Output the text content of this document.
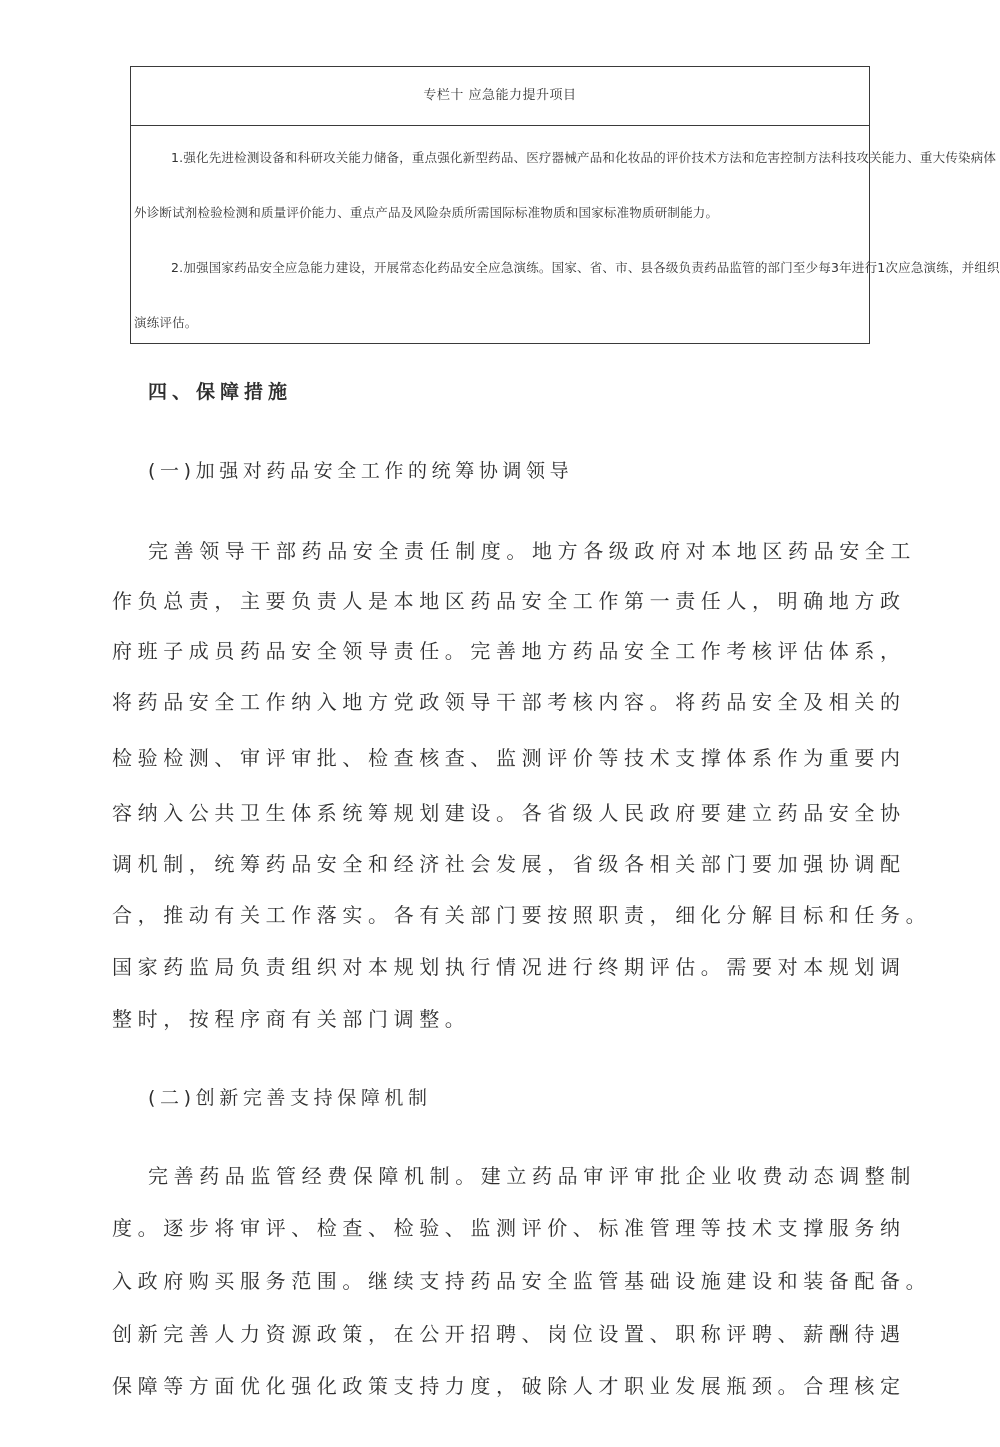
专栏十 应急能力提升项目
1.强化先进检测设备和科研攻关能力储备，重点强化新型药品、医疗器械产品和化妆品的评价技术方法和危害控制方法科技攻关能力、重大传染病体
外诊断试剂检验检测和质量评价能力、重点产品及风险杂质所需国际标准物质和国家标准物质研制能力。
2.加强国家药品安全应急能力建设，开展常态化药品安全应急演练。国家、省、市、县各级负责药品监管的部门至少每3年进行1次应急演练，并组织
演练评估。
四、保障措施
(一)加强对药品安全工作的统筹协调领导
完善领导干部药品安全责任制度。地方各级政府对本地区药品安全工
作负总责，主要负责人是本地区药品安全工作第一责任人，明确地方政
府班子成员药品安全领导责任。完善地方药品安全工作考核评估体系，
将药品安全工作纳入地方党政领导干部考核内容。将药品安全及相关的
检验检测、审评审批、检查核查、监测评价等技术支撑体系作为重要内
容纳入公共卫生体系统筹规划建设。各省级人民政府要建立药品安全协
调机制，统筹药品安全和经济社会发展，省级各相关部门要加强协调配
合，推动有关工作落实。各有关部门要按照职责，细化分解目标和任务。
国家药监局负责组织对本规划执行情况进行终期评估。需要对本规划调
整时，按程序商有关部门调整。
(二)创新完善支持保障机制
完善药品监管经费保障机制。建立药品审评审批企业收费动态调整制
度。逐步将审评、检查、检验、监测评价、标准管理等技术支撑服务纳
入政府购买服务范围。继续支持药品安全监管基础设施建设和装备配备。
创新完善人力资源政策，在公开招聘、岗位设置、职称评聘、薪酬待遇
保障等方面优化强化政策支持力度，破除人才职业发展瓶颈。合理核定
